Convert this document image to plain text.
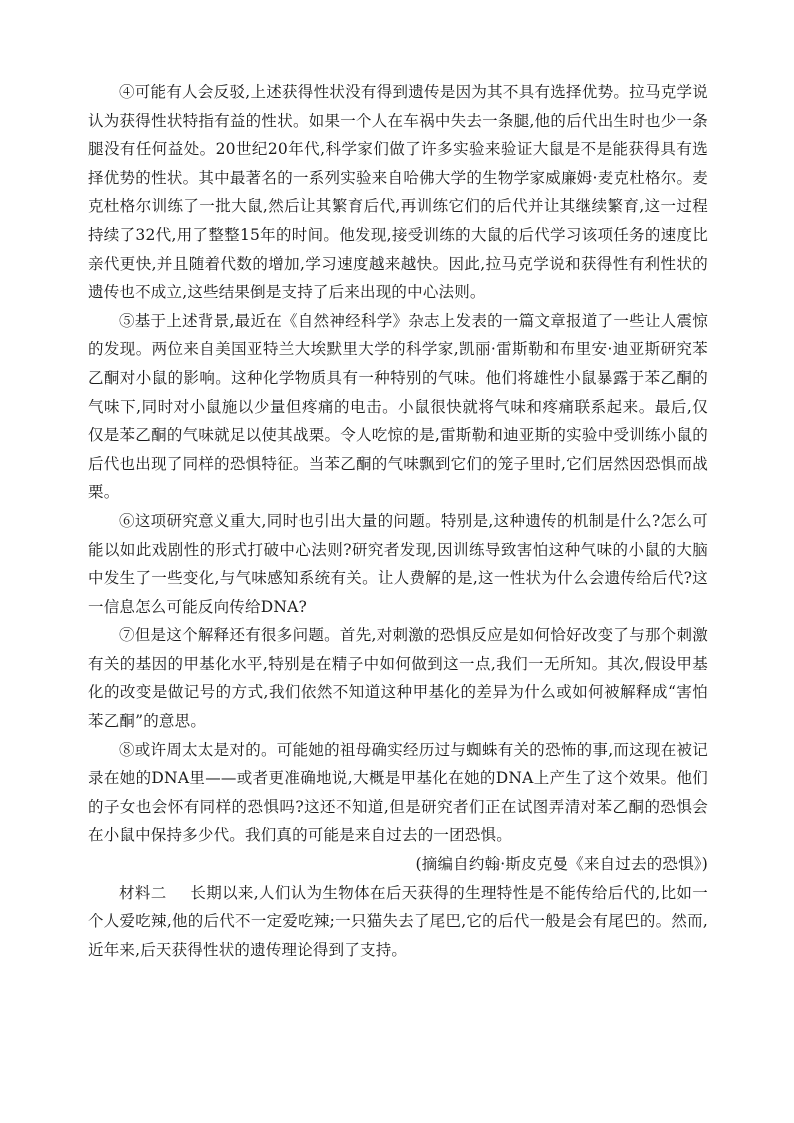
④可能有人会反驳,上述获得性状没有得到遗传是因为其不具有选择优势。拉马克学说认为获得性状特指有益的性状。如果一个人在车祸中失去一条腿,他的后代出生时也少一条腿没有任何益处。20世纪20年代,科学家们做了许多实验来验证大鼠是不是能获得具有选择优势的性状。其中最著名的一系列实验来自哈佛大学的生物学家威廉姆·麦克杜格尔。麦克杜格尔训练了一批大鼠,然后让其繁育后代,再训练它们的后代并让其继续繁育,这一过程持续了32代,用了整整15年的时间。他发现,接受训练的大鼠的后代学习该项任务的速度比亲代更快,并且随着代数的增加,学习速度越来越快。因此,拉马克学说和获得性有利性状的遗传也不成立,这些结果倒是支持了后来出现的中心法则。

⑤基于上述背景,最近在《自然神经科学》杂志上发表的一篇文章报道了一些让人震惊的发现。两位来自美国亚特兰大埃默里大学的科学家,凯丽·雷斯勒和布里安·迪亚斯研究苯乙酮对小鼠的影响。这种化学物质具有一种特别的气味。他们将雄性小鼠暴露于苯乙酮的气味下,同时对小鼠施以少量但疼痛的电击。小鼠很快就将气味和疼痛联系起来。最后,仅仅是苯乙酮的气味就足以使其战栗。令人吃惊的是,雷斯勒和迪亚斯的实验中受训练小鼠的后代也出现了同样的恐惧特征。当苯乙酮的气味飘到它们的笼子里时,它们居然因恐惧而战栗。

⑥这项研究意义重大,同时也引出大量的问题。特别是,这种遗传的机制是什么?怎么可能以如此戏剧性的形式打破中心法则?研究者发现,因训练导致害怕这种气味的小鼠的大脑中发生了一些变化,与气味感知系统有关。让人费解的是,这一性状为什么会遗传给后代?这一信息怎么可能反向传给DNA?

⑦但是这个解释还有很多问题。首先,对刺激的恐惧反应是如何恰好改变了与那个刺激有关的基因的甲基化水平,特别是在精子中如何做到这一点,我们一无所知。其次,假设甲基化的改变是做记号的方式,我们依然不知道这种甲基化的差异为什么或如何被解释成“害怕苯乙酮”的意思。

⑧或许周太太是对的。可能她的祖母确实经历过与蜘蛛有关的恐怖的事,而这现在被记录在她的DNA里——或者更准确地说,大概是甲基化在她的DNA上产生了这个效果。他们的子女也会怀有同样的恐惧吗?这还不知道,但是研究者们正在试图弄清对苯乙酮的恐惧会在小鼠中保持多少代。我们真的可能是来自过去的一团恐惧。

(摘编自约翰·斯皮克曼《来自过去的恐惧》)

材料二   长期以来,人们认为生物体在后天获得的生理特性是不能传给后代的,比如一个人爱吃辣,他的后代不一定爱吃辣;一只猫失去了尾巴,它的后代一般是会有尾巴的。然而,近年来,后天获得性状的遗传理论得到了支持。
